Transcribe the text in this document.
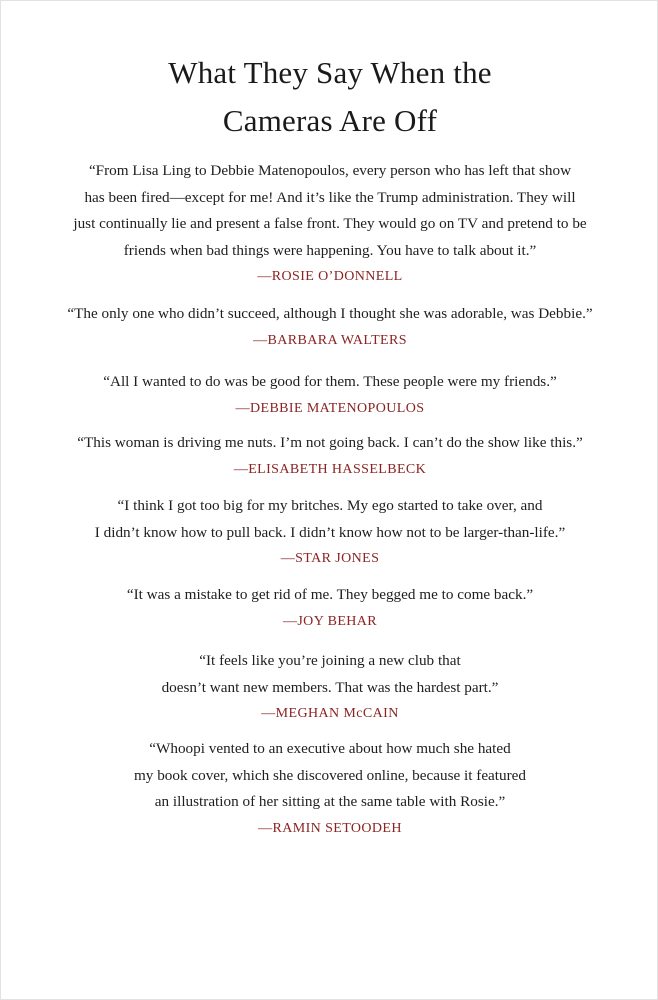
What They Say When the
Cameras Are Off
“From Lisa Ling to Debbie Matenopoulos, every person who has left that show
has been fired—except for me! And it’s like the Trump administration. They will
just continually lie and present a false front. They would go on TV and pretend to be
friends when bad things were happening. You have to talk about it.”
—ROSIE O’DONNELL
“The only one who didn’t succeed, although I thought she was adorable, was Debbie.”
—BARBARA WALTERS
“All I wanted to do was be good for them. These people were my friends.”
—DEBBIE MATENOPOULOS
“This woman is driving me nuts. I’m not going back. I can’t do the show like this.”
—ELISABETH HASSELBECK
“I think I got too big for my britches. My ego started to take over, and
I didn’t know how to pull back. I didn’t know how not to be larger-than-life.”
—STAR JONES
“It was a mistake to get rid of me. They begged me to come back.”
—JOY BEHAR
“It feels like you’re joining a new club that
doesn’t want new members. That was the hardest part.”
—MEGHAN McCAIN
“Whoopi vented to an executive about how much she hated
my book cover, which she discovered online, because it featured
an illustration of her sitting at the same table with Rosie.”
—RAMIN SETOODEH
